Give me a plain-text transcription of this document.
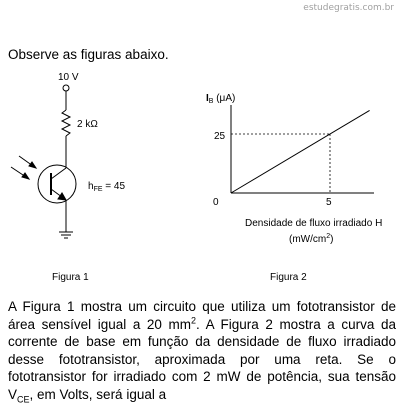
estudegratis.com.br
Observe as figuras abaixo.
10 V
2 kΩ
$h_{FE} = 45$
$I_B$ (μA)
25
0	5
Densidade de fluxo irradiado H
$(mW/cm^2)$
Figura 1	Figura 2

A Figura 1 mostra um circuito que utiliza um fototransistor de área sensível igual a 20 $mm^2$. A Figura 2 mostra a curva da corrente de base em função da densidade de fluxo irradiado desse fototransistor, aproximada por uma reta. Se o fototransistor for irradiado com 2 mW de potência, sua tensão $V_{CE}$, em Volts, será igual a
